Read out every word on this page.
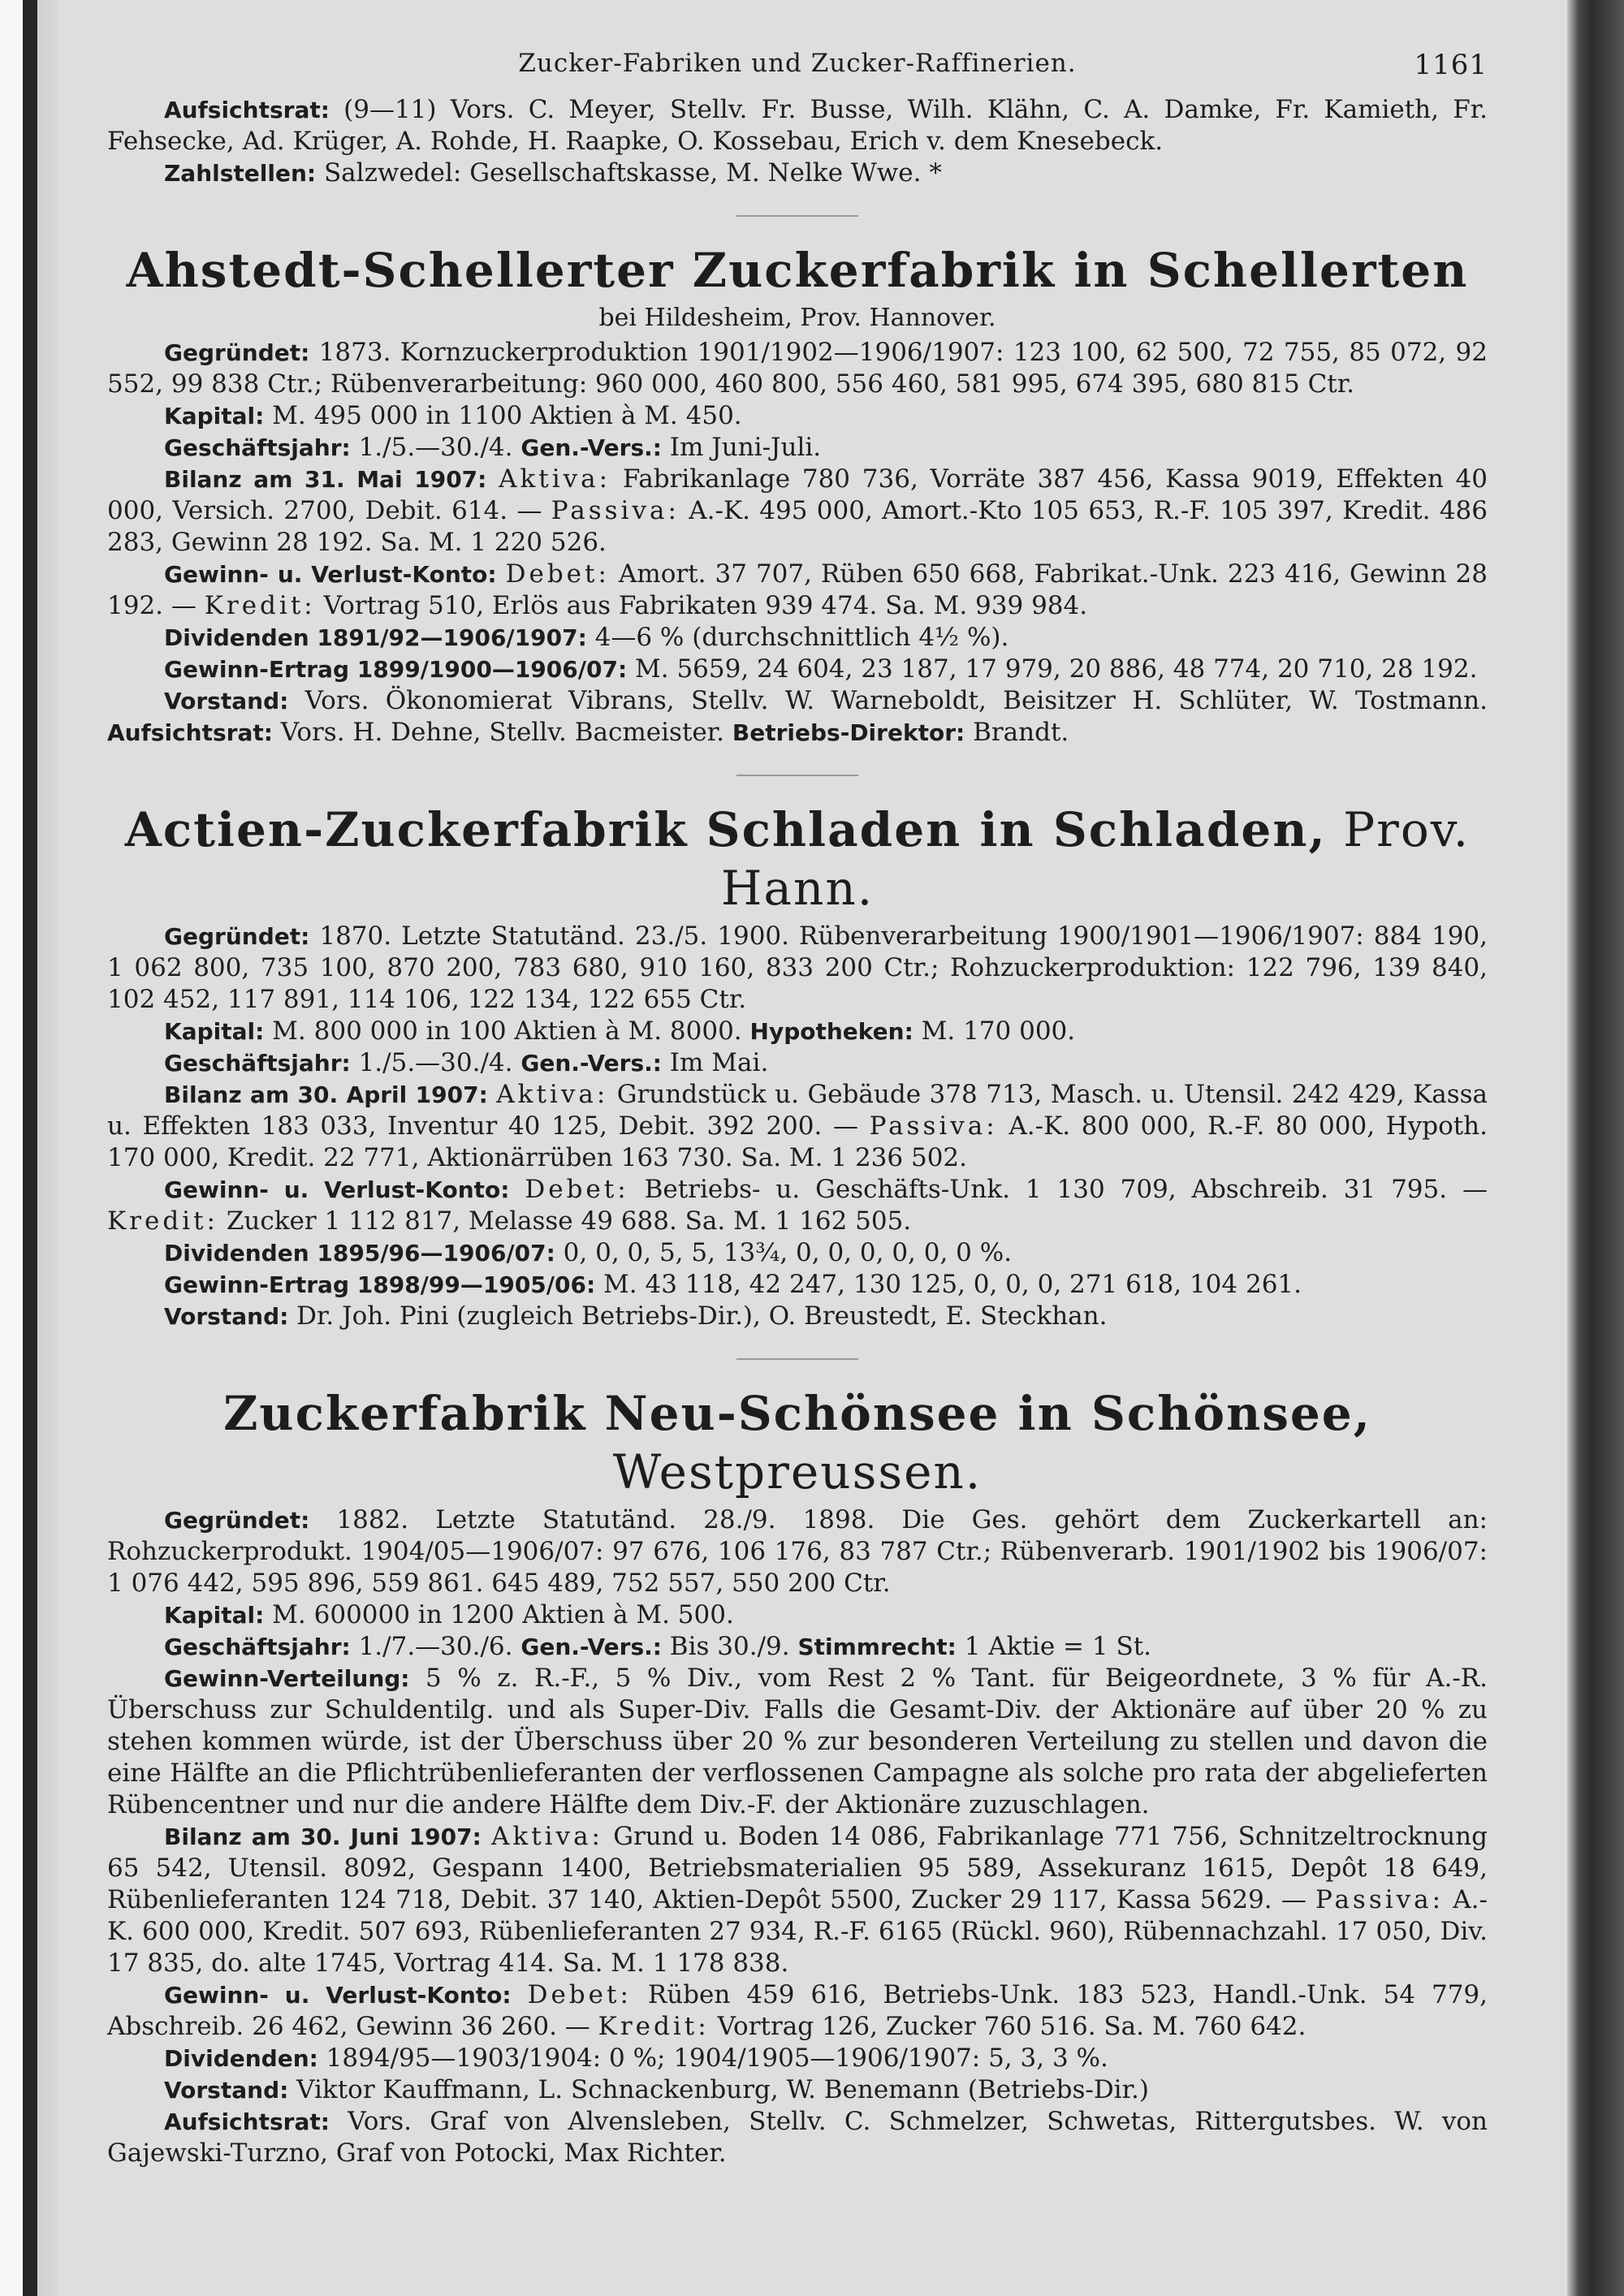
Zucker-Fabriken und Zucker-Raffinerien.	1161

Aufsichtsrat: (9—11) Vors. C. Meyer, Stellv. Fr. Busse, Wilh. Klähn, C. A. Damke, Fr. Kamieth, Fr. Fehsecke, Ad. Krüger, A. Rohde, H. Raapke, O. Kossebau, Erich v. dem Knesebeck.

Zahlstellen: Salzwedel: Gesellschaftskasse, M. Nelke Wwe. *

Ahstedt-Schellerter Zuckerfabrik in Schellerten
bei Hildesheim, Prov. Hannover.

Gegründet: 1873. Kornzuckerproduktion 1901/1902—1906/1907: 123 100, 62 500, 72 755, 85 072, 92 552, 99 838 Ctr.; Rübenverarbeitung: 960 000, 460 800, 556 460, 581 995, 674 395, 680 815 Ctr.

Kapital: M. 495 000 in 1100 Aktien à M. 450.

Geschäftsjahr: 1./5.—30./4. Gen.-Vers.: Im Juni-Juli.

Bilanz am 31. Mai 1907: Aktiva: Fabrikanlage 780 736, Vorräte 387 456, Kassa 9019, Effekten 40 000, Versich. 2700, Debit. 614. — Passiva: A.-K. 495 000, Amort.-Kto 105 653, R.-F. 105 397, Kredit. 486 283, Gewinn 28 192. Sa. M. 1 220 526.

Gewinn- u. Verlust-Konto: Debet: Amort. 37 707, Rüben 650 668, Fabrikat.-Unk. 223 416, Gewinn 28 192. — Kredit: Vortrag 510, Erlös aus Fabrikaten 939 474. Sa. M. 939 984.

Dividenden 1891/92—1906/1907: 4—6 % (durchschnittlich 4½ %).

Gewinn-Ertrag 1899/1900—1906/07: M. 5659, 24 604, 23 187, 17 979, 20 886, 48 774, 20 710, 28 192.

Vorstand: Vors. Ökonomierat Vibrans, Stellv. W. Warneboldt, Beisitzer H. Schlüter, W. Tostmann. Aufsichtsrat: Vors. H. Dehne, Stellv. Bacmeister. Betriebs-Direktor: Brandt.

Actien-Zuckerfabrik Schladen in Schladen, Prov. Hann.

Gegründet: 1870. Letzte Statutänd. 23./5. 1900. Rübenverarbeitung 1900/1901—1906/1907: 884 190, 1 062 800, 735 100, 870 200, 783 680, 910 160, 833 200 Ctr.; Rohzuckerproduktion: 122 796, 139 840, 102 452, 117 891, 114 106, 122 134, 122 655 Ctr.

Kapital: M. 800 000 in 100 Aktien à M. 8000. Hypotheken: M. 170 000.

Geschäftsjahr: 1./5.—30./4. Gen.-Vers.: Im Mai.

Bilanz am 30. April 1907: Aktiva: Grundstück u. Gebäude 378 713, Masch. u. Utensil. 242 429, Kassa u. Effekten 183 033, Inventur 40 125, Debit. 392 200. — Passiva: A.-K. 800 000, R.-F. 80 000, Hypoth. 170 000, Kredit. 22 771, Aktionärrüben 163 730. Sa. M. 1 236 502.

Gewinn- u. Verlust-Konto: Debet: Betriebs- u. Geschäfts-Unk. 1 130 709, Abschreib. 31 795. — Kredit: Zucker 1 112 817, Melasse 49 688. Sa. M. 1 162 505.

Dividenden 1895/96—1906/07: 0, 0, 0, 5, 5, 13¾, 0, 0, 0, 0, 0, 0 %.

Gewinn-Ertrag 1898/99—1905/06: M. 43 118, 42 247, 130 125, 0, 0, 0, 271 618, 104 261.

Vorstand: Dr. Joh. Pini (zugleich Betriebs-Dir.), O. Breustedt, E. Steckhan.

Zuckerfabrik Neu-Schönsee in Schönsee, Westpreussen.

Gegründet: 1882. Letzte Statutänd. 28./9. 1898. Die Ges. gehört dem Zuckerkartell an: Rohzuckerprodukt. 1904/05—1906/07: 97 676, 106 176, 83 787 Ctr.; Rübenverarb. 1901/1902 bis 1906/07: 1 076 442, 595 896, 559 861. 645 489, 752 557, 550 200 Ctr.

Kapital: M. 600000 in 1200 Aktien à M. 500.

Geschäftsjahr: 1./7.—30./6. Gen.-Vers.: Bis 30./9. Stimmrecht: 1 Aktie = 1 St.

Gewinn-Verteilung: 5 % z. R.-F., 5 % Div., vom Rest 2 % Tant. für Beigeordnete, 3 % für A.-R. Überschuss zur Schuldentilg. und als Super-Div. Falls die Gesamt-Div. der Aktionäre auf über 20 % zu stehen kommen würde, ist der Überschuss über 20 % zur besonderen Verteilung zu stellen und davon die eine Hälfte an die Pflichtrübenlieferanten der verflossenen Campagne als solche pro rata der abgelieferten Rübencentner und nur die andere Hälfte dem Div.-F. der Aktionäre zuzuschlagen.

Bilanz am 30. Juni 1907: Aktiva: Grund u. Boden 14 086, Fabrikanlage 771 756, Schnitzeltrocknung 65 542, Utensil. 8092, Gespann 1400, Betriebsmaterialien 95 589, Assekuranz 1615, Depôt 18 649, Rübenlieferanten 124 718, Debit. 37 140, Aktien-Depôt 5500, Zucker 29 117, Kassa 5629. — Passiva: A.-K. 600 000, Kredit. 507 693, Rübenlieferanten 27 934, R.-F. 6165 (Rückl. 960), Rübennachzahl. 17 050, Div. 17 835, do. alte 1745, Vortrag 414. Sa. M. 1 178 838.

Gewinn- u. Verlust-Konto: Debet: Rüben 459 616, Betriebs-Unk. 183 523, Handl.-Unk. 54 779, Abschreib. 26 462, Gewinn 36 260. — Kredit: Vortrag 126, Zucker 760 516. Sa. M. 760 642.

Dividenden: 1894/95—1903/1904: 0 %; 1904/1905—1906/1907: 5, 3, 3 %.

Vorstand: Viktor Kauffmann, L. Schnackenburg, W. Benemann (Betriebs-Dir.)

Aufsichtsrat: Vors. Graf von Alvensleben, Stellv. C. Schmelzer, Schwetas, Rittergutsbes. W. von Gajewski-Turzno, Graf von Potocki, Max Richter.
